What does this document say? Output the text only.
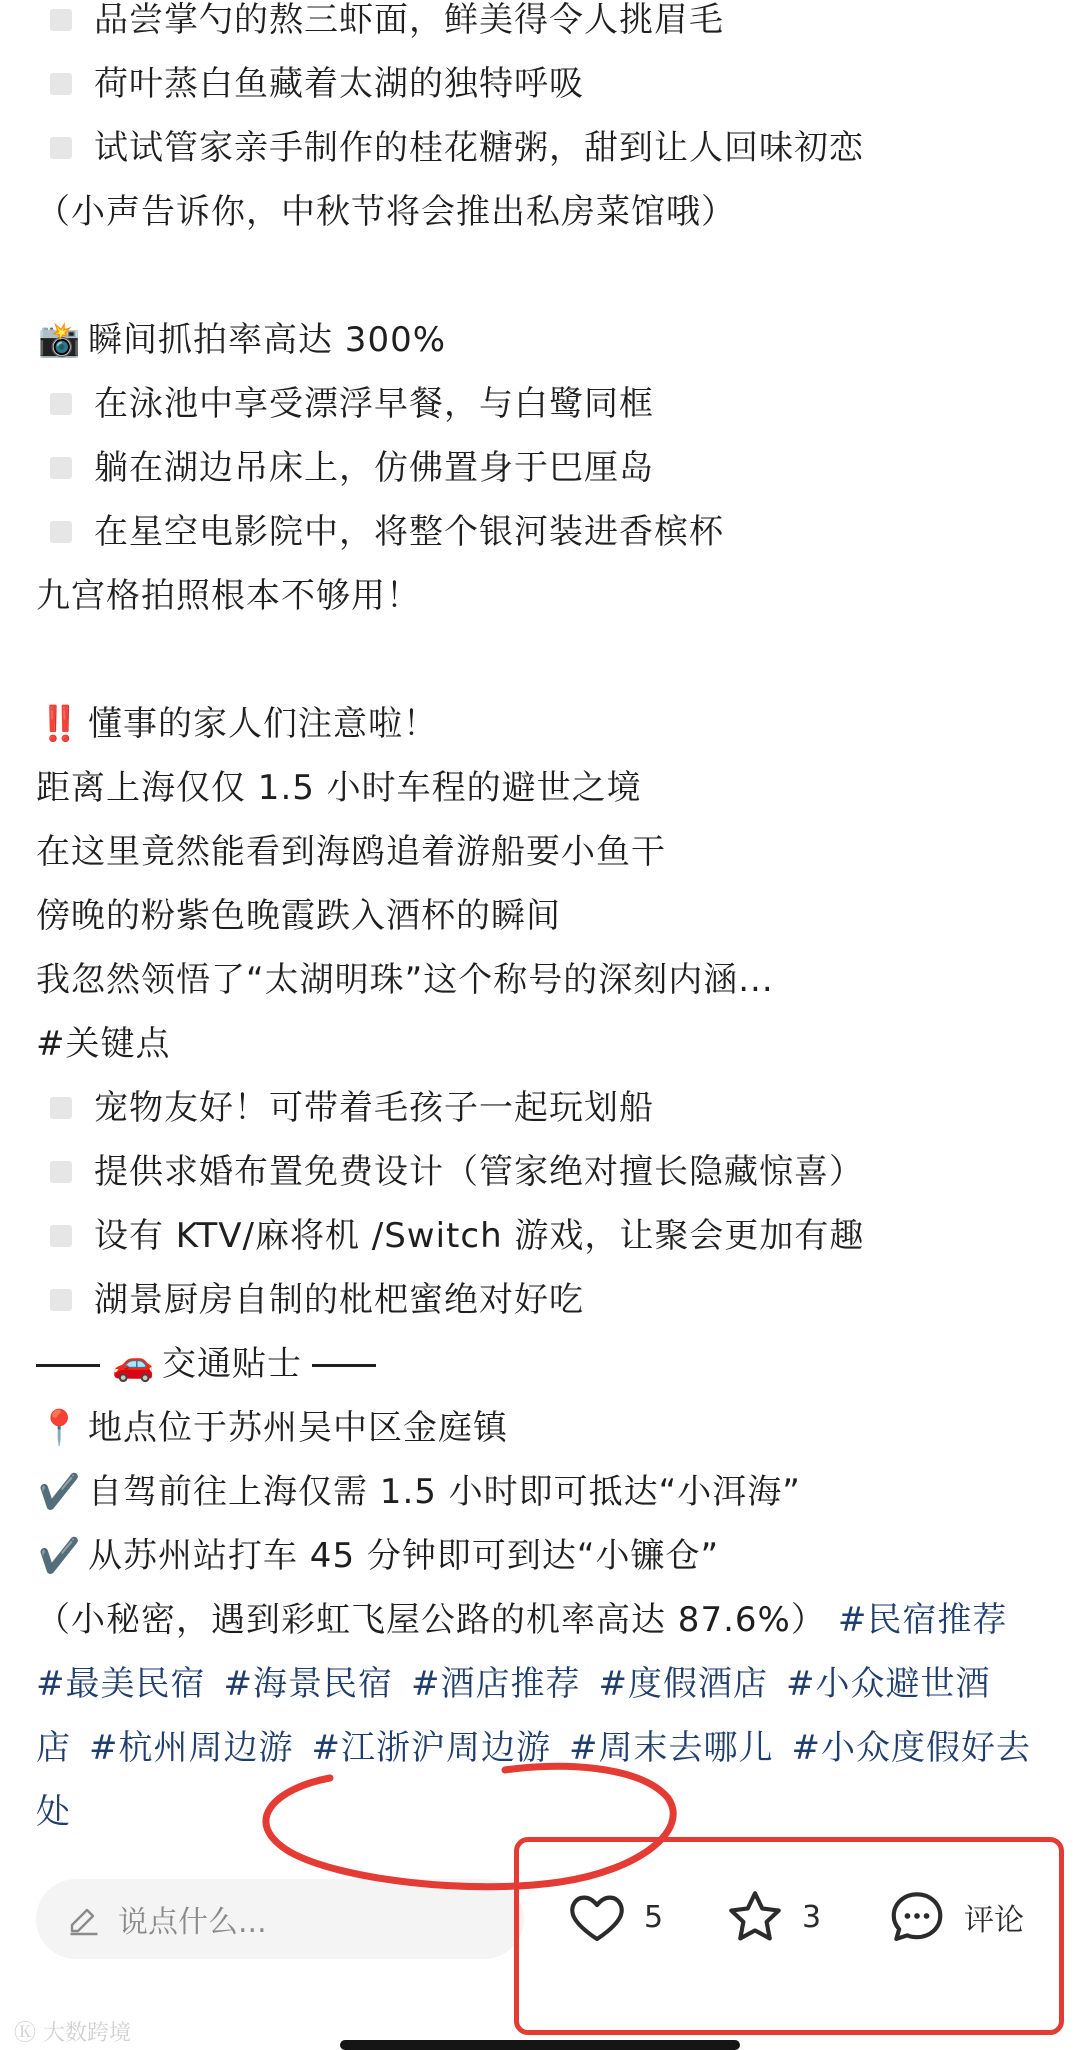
品尝掌勺的熬三虾面，鲜美得令人挑眉毛
荷叶蒸白鱼藏着太湖的独特呼吸
试试管家亲手制作的桂花糖粥，甜到让人回味初恋
（小声告诉你，中秋节将会推出私房菜馆哦）
📸 瞬间抓拍率高达 300%
在泳池中享受漂浮早餐，与白鹭同框
躺在湖边吊床上，仿佛置身于巴厘岛
在星空电影院中，将整个银河装进香槟杯
九宫格拍照根本不够用！
‼️ 懂事的家人们注意啦！
距离上海仅仅 1.5 小时车程的避世之境
在这里竟然能看到海鸥追着游船要小鱼干
傍晚的粉紫色晚霞跌入酒杯的瞬间
我忽然领悟了“太湖明珠”这个称号的深刻内涵...
#关键点
宠物友好！可带着毛孩子一起玩划船
提供求婚布置免费设计（管家绝对擅长隐藏惊喜）
设有 KTV/麻将机 /Switch 游戏，让聚会更加有趣
湖景厨房自制的枇杷蜜绝对好吃
🚗 交通贴士
📍 地点位于苏州吴中区金庭镇
✔️ 自驾前往上海仅需 1.5 小时即可抵达“小洱海”
✔️ 从苏州站打车 45 分钟即可到达“小镰仓”
（小秘密，遇到彩虹飞屋公路的机率高达 87.6%） #民宿推荐#最美民宿 #海景民宿 #酒店推荐 #度假酒店 #小众避世酒店 #杭州周边游 #江浙沪周边游 #周末去哪儿 #小众度假好去处
说点什么...	5	3	评论
Ⓚ 大数跨境
